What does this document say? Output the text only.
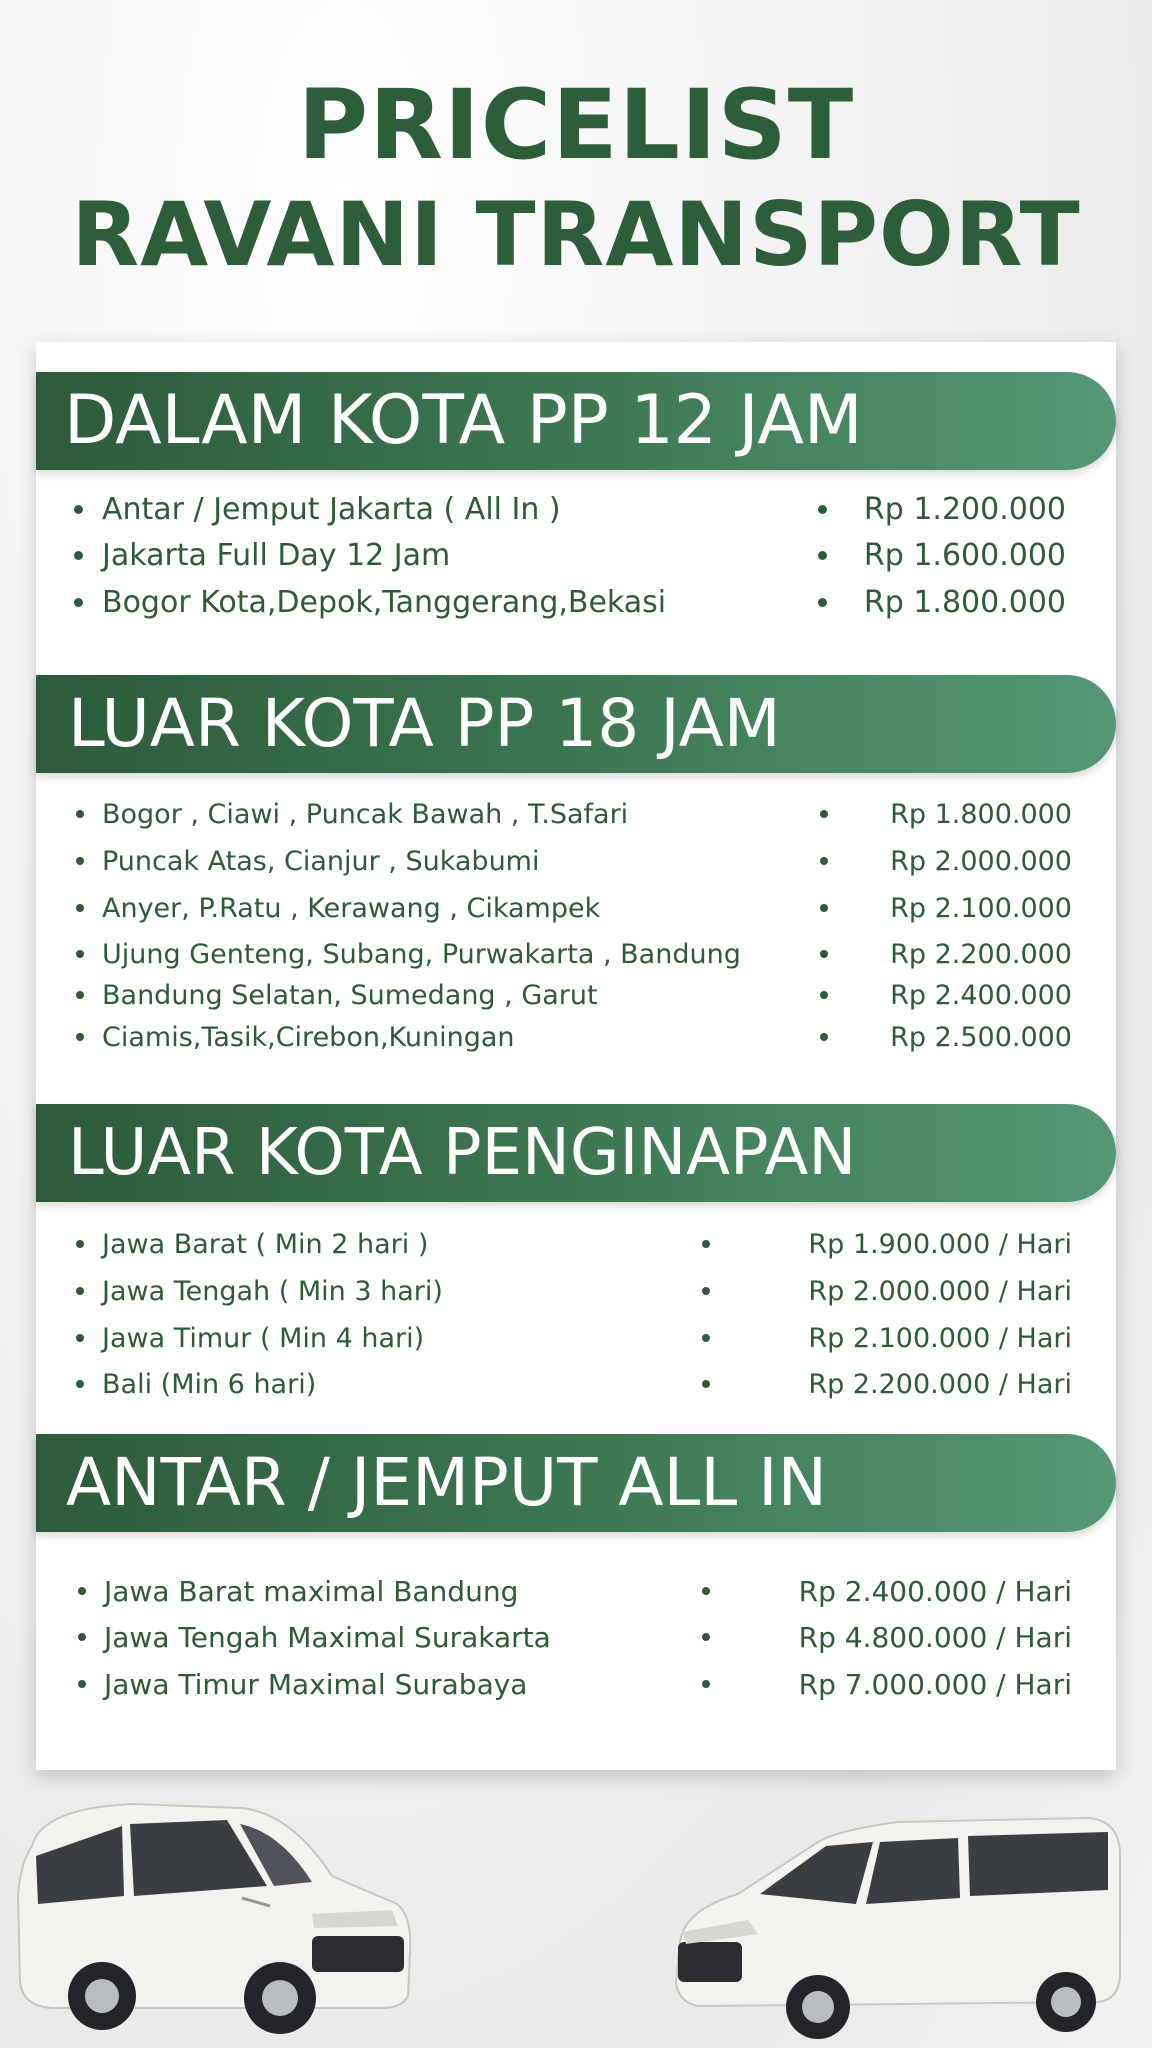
PRICELIST
RAVANI TRANSPORT
DALAM KOTA PP 12 JAM
Antar / Jemput Jakarta ( All In )	Rp 1.200.000
Jakarta Full Day 12 Jam	Rp 1.600.000
Bogor Kota,Depok,Tanggerang,Bekasi	Rp 1.800.000
LUAR KOTA PP 18 JAM
Bogor , Ciawi , Puncak Bawah , T.Safari	Rp 1.800.000
Puncak Atas, Cianjur , Sukabumi	Rp 2.000.000
Anyer, P.Ratu , Kerawang , Cikampek	Rp 2.100.000
Ujung Genteng, Subang, Purwakarta , Bandung	Rp 2.200.000
Bandung Selatan, Sumedang , Garut	Rp 2.400.000
Ciamis,Tasik,Cirebon,Kuningan	Rp 2.500.000
LUAR KOTA PENGINAPAN
Jawa Barat ( Min 2 hari )	Rp 1.900.000 / Hari
Jawa Tengah ( Min 3 hari)	Rp 2.000.000 / Hari
Jawa Timur ( Min 4 hari)	Rp 2.100.000 / Hari
Bali (Min 6 hari)	Rp 2.200.000 / Hari
ANTAR / JEMPUT ALL IN
Jawa Barat maximal Bandung	Rp 2.400.000 / Hari
Jawa Tengah Maximal Surakarta	Rp 4.800.000 / Hari
Jawa Timur Maximal Surabaya	Rp 7.000.000 / Hari
